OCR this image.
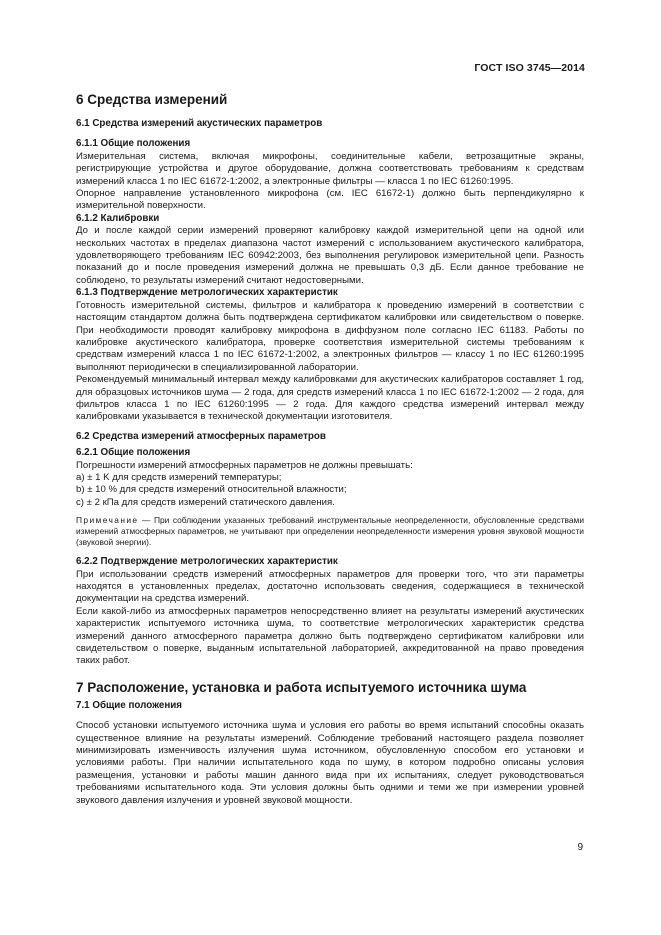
ГОСТ ISO 3745—2014
6 Средства измерений
6.1 Средства измерений акустических параметров
6.1.1 Общие положения

Измерительная система, включая микрофоны, соединительные кабели, ветрозащитные экраны, регистрирующие устройства и другое оборудование, должна соответствовать требованиям к средствам измерений класса 1 по IEC 61672-1:2002, а электронные фильтры — класса 1 по IEC 61260:1995.

Опорное направление установленного микрофона (см. IEC 61672-1) должно быть перпендикулярно к измерительной поверхности.

6.1.2 Калибровки

До и после каждой серии измерений проверяют калибровку каждой измерительной цепи на одной или нескольких частотах в пределах диапазона частот измерений с использованием акустического калибратора, удовлетворяющего требованиям IEC 60942:2003, без выполнения регулировок измерительной цепи. Разность показаний до и после проведения измерений должна не превышать 0,3 дБ. Если данное требование не соблюдено, то результаты измерений считают недостоверными.

6.1.3 Подтверждение метрологических характеристик

Готовность измерительной системы, фильтров и калибратора к проведению измерений в соответствии с настоящим стандартом должна быть подтверждена сертификатом калибровки или свидетельством о поверке. При необходимости проводят калибровку микрофона в диффузном поле согласно IEC 61183. Работы по калибровке акустического калибратора, проверке соответствия измерительной системы требованиям к средствам измерений класса 1 по IEC 61672-1:2002, а электронных фильтров — классу 1 по IEC 61260:1995 выполняют периодически в специализированной лаборатории.

Рекомендуемый минимальный интервал между калибровками для акустических калибраторов составляет 1 год, для образцовых источников шума — 2 года, для средств измерений класса 1 по IEC 61672-1:2002 — 2 года, для фильтров класса 1 по IEC 61260:1995 — 2 года. Для каждого средства измерений интервал между калибровками указывается в технической документации изготовителя.

6.2 Средства измерений атмосферных параметров
6.2.1 Общие положения

Погрешности измерений атмосферных параметров не должны превышать:

a) ± 1 K для средств измерений температуры;
b) ± 10 % для средств измерений относительной влажности;
c) ± 2 кПа для средств измерений статического давления.
Примечание — При соблюдении указанных требований инструментальные неопределенности, обусловленные средствами измерений атмосферных параметров, не учитывают при определении неопределенности измерения уровня звуковой мощности (звуковой энергии).
6.2.2 Подтверждение метрологических характеристик

При использовании средств измерений атмосферных параметров для проверки того, что эти параметры находятся в установленных пределах, достаточно использовать сведения, содержащиеся в технической документации на средства измерений.

Если какой-либо из атмосферных параметров непосредственно влияет на результаты измерений акустических характеристик испытуемого источника шума, то соответствие метрологических характеристик средства измерений данного атмосферного параметра должно быть подтверждено сертификатом калибровки или свидетельством о поверке, выданным испытательной лабораторией, аккредитованной на право проведения таких работ.

7 Расположение, установка и работа испытуемого источника шума
7.1 Общие положения

Способ установки испытуемого источника шума и условия его работы во время испытаний способны оказать существенное влияние на результаты измерений. Соблюдение требований настоящего раздела позволяет минимизировать изменчивость излучения шума источником, обусловленную способом его установки и условиями работы. При наличии испытательного кода по шуму, в котором подробно описаны условия размещения, установки и работы машин данного вида при их испытаниях, следует руководствоваться требованиями испытательного кода. Эти условия должны быть одними и теми же при измерении уровней звукового давления излучения и уровней звуковой мощности.

9
